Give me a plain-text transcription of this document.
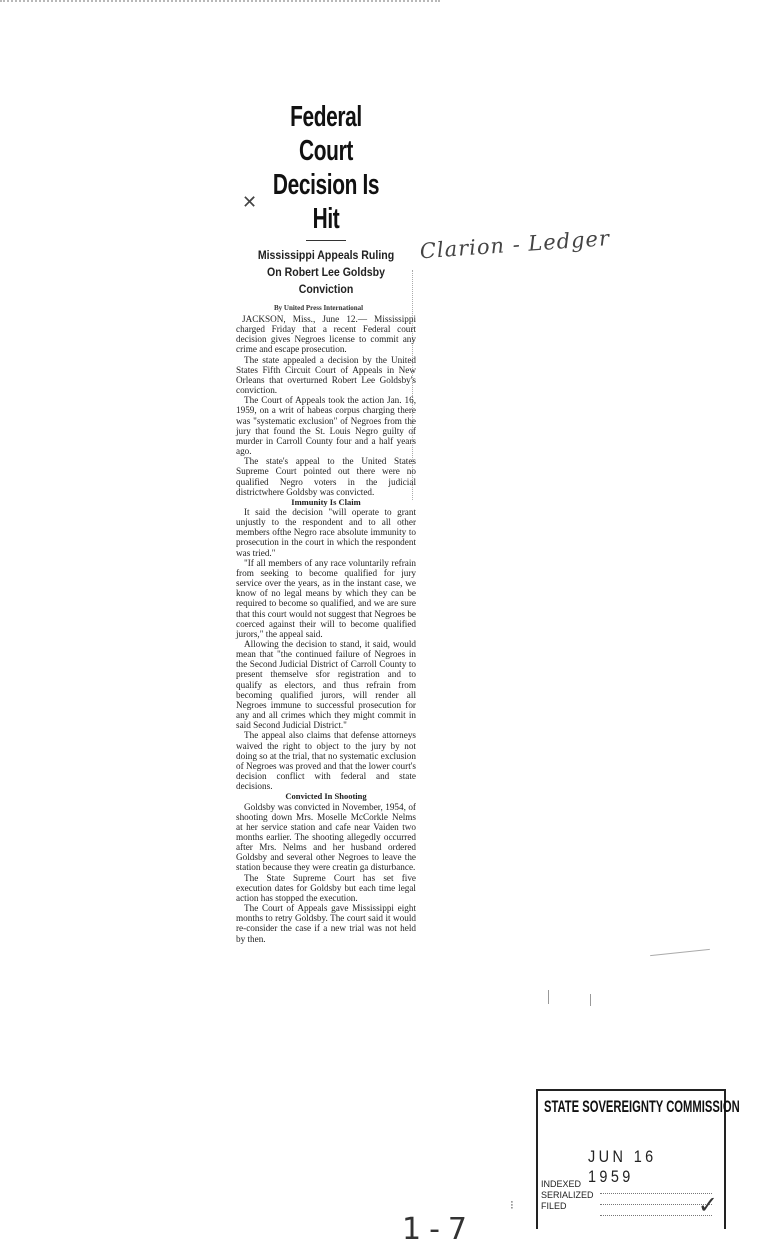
✕
Federal Court
Decision Is Hit
Mississippi Appeals Ruling
On Robert Lee Goldsby
Conviction
By United Press International

JACKSON, Miss., June 12.— Mississippi charged Friday that a recent Federal court decision gives Negroes license to commit any crime and escape prosecution.

The state appealed a decision by the United States Fifth Circuit Court of Appeals in New Orleans that overturned Robert Lee Goldsby's conviction.

The Court of Appeals took the action Jan. 16, 1959, on a writ of habeas corpus charging there was "systematic exclusion" of Negroes from the jury that found the St. Louis Negro guilty of murder in Carroll County four and a half years ago.

The state's appeal to the United States Supreme Court pointed out there were no qualified Negro voters in the judicial districtwhere Goldsby was convicted.

Immunity Is Claim

It said the decision "will operate to grant unjustly to the respondent and to all other members ofthe Negro race absolute immunity to prosecution in the court in which the respondent was tried."

"If all members of any race voluntarily refrain from seeking to become qualified for jury service over the years, as in the instant case, we know of no legal means by which they can be required to become so qualified, and we are sure that this court would not suggest that Negroes be coerced against their will to become qualified jurors," the appeal said.

Allowing the decision to stand, it said, would mean that "the continued failure of Negroes in the Second Judicial District of Carroll County to present themselve sfor registration and to qualify as electors, and thus refrain from becoming qualified jurors, will render all Negroes immune to successful prosecution for any and all crimes which they might commit in said Second Judicial District."

The appeal also claims that defense attorneys waived the right to object to the jury by not doing so at the trial, that no systematic exclusion of Negroes was proved and that the lower court's decision conflict with federal and state decisions.

Convicted In Shooting

Goldsby was convicted in November, 1954, of shooting down Mrs. Moselle McCorkle Nelms at her service station and cafe near Vaiden two months earlier. The shooting allegedly occurred after Mrs. Nelms and her husband ordered Goldsby and several other Negroes to leave the station because they were creatin ga disturbance.

The State Supreme Court has set five execution dates for Goldsby but each time legal action has stopped the execution.

The Court of Appeals gave Mississippi eight months to retry Goldsby. The court said it would re-consider the case if a new trial was not held by then.

Clarion - Ledger
⁝
STATE SOVEREIGNTY COMMISSION
JUN 16 1959
INDEXED
SERIALIZED
FILED	✓
1-7
